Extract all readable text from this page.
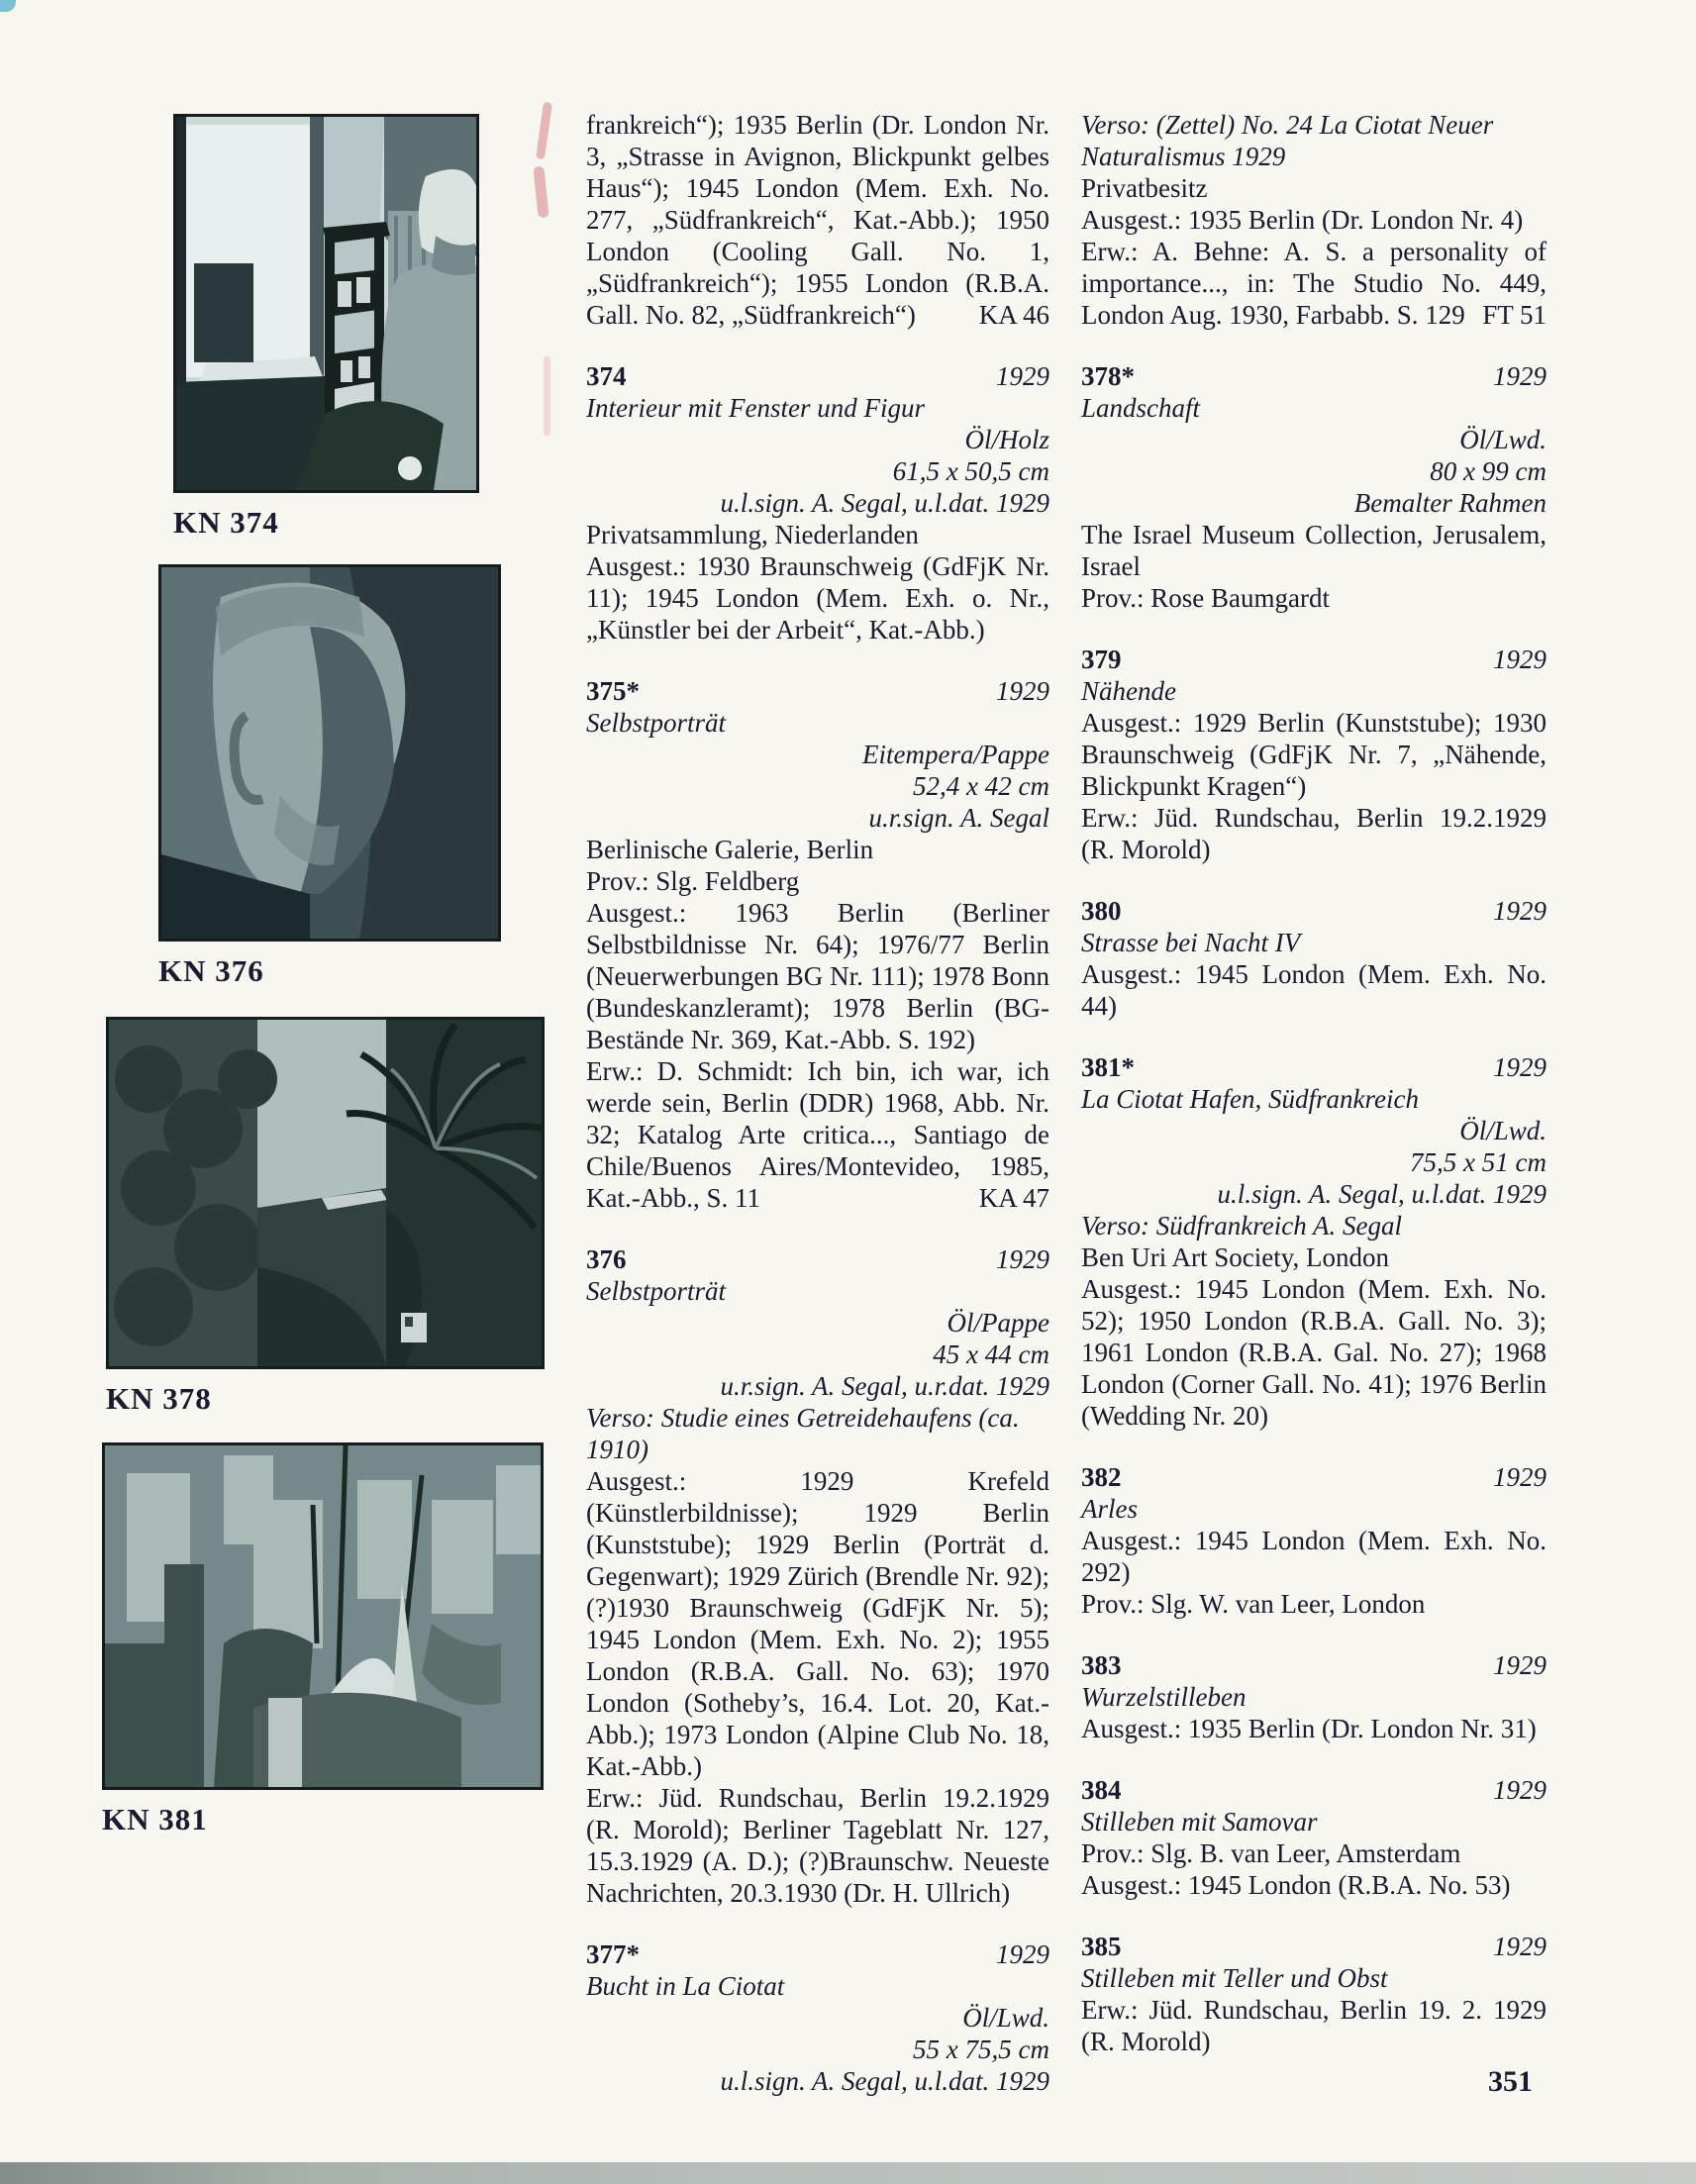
KN 374
KN 376
KN 378
KN 381

frankreich“); 1935 Berlin (Dr. London Nr. 3, „Strasse in Avignon, Blickpunkt gelbes Haus“); 1945 London (Mem. Exh. No. 277, „Südfrankreich“, Kat.-Abb.); 1950 London (Cooling Gall. No. 1, „Südfrankreich“); 1955 London (R.B.A. Gall. No. 82, „Südfrankreich“) KA 46

374	1929
Interieur mit Fenster und Figur
Öl/Holz
61,5 x 50,5 cm
u.l.sign. A. Segal, u.l.dat. 1929

Privatsammlung, Niederlanden

Ausgest.: 1930 Braunschweig (GdFjK Nr. 11); 1945 London (Mem. Exh. o. Nr., „Künstler bei der Arbeit“, Kat.-Abb.)

375*	1929
Selbstporträt
Eitempera/Pappe
52,4 x 42 cm
u.r.sign. A. Segal

Berlinische Galerie, Berlin

Prov.: Slg. Feldberg

Ausgest.: 1963 Berlin (Berliner Selbstbildnisse Nr. 64); 1976/77 Berlin (Neuerwerbungen BG Nr. 111); 1978 Bonn (Bundeskanzleramt); 1978 Berlin (BG-Bestände Nr. 369, Kat.-Abb. S. 192)

Erw.: D. Schmidt: Ich bin, ich war, ich werde sein, Berlin (DDR) 1968, Abb. Nr. 32; Katalog Arte critica..., Santiago de Chile/Buenos Aires/Montevideo, 1985, Kat.-Abb., S. 11	KA 47

376	1929
Selbstporträt
Öl/Pappe
45 x 44 cm
u.r.sign. A. Segal, u.r.dat. 1929
Verso: Studie eines Getreidehaufens (ca. 1910)

Ausgest.: 1929 Krefeld (Künstlerbildnisse); 1929 Berlin (Kunststube); 1929 Berlin (Porträt d. Gegenwart); 1929 Zürich (Brendle Nr. 92); (?)1930 Braunschweig (GdFjK Nr. 5); 1945 London (Mem. Exh. No. 2); 1955 London (R.B.A. Gall. No. 63); 1970 London (Sotheby’s, 16.4. Lot. 20, Kat.-Abb.); 1973 London (Alpine Club No. 18, Kat.-Abb.)

Erw.: Jüd. Rundschau, Berlin 19.2.1929 (R. Morold); Berliner Tageblatt Nr. 127, 15.3.1929 (A. D.); (?)Braunschw. Neueste Nachrichten, 20.3.1930 (Dr. H. Ullrich)

377*	1929
Bucht in La Ciotat
Öl/Lwd.
55 x 75,5 cm
u.l.sign. A. Segal, u.l.dat. 1929
Verso: (Zettel) No. 24 La Ciotat Neuer Naturalismus 1929

Privatbesitz

Ausgest.: 1935 Berlin (Dr. London Nr. 4)

Erw.: A. Behne: A. S. a personality of importance..., in: The Studio No. 449, London Aug. 1930, Farbabb. S. 129 FT 51

378*	1929
Landschaft
Öl/Lwd.
80 x 99 cm
Bemalter Rahmen

The Israel Museum Collection, Jerusalem, Israel

Prov.: Rose Baumgardt

379	1929
Nähende

Ausgest.: 1929 Berlin (Kunststube); 1930 Braunschweig (GdFjK Nr. 7, „Nähende, Blickpunkt Kragen“)

Erw.: Jüd. Rundschau, Berlin 19.2.1929 (R. Morold)

380	1929
Strasse bei Nacht IV

Ausgest.: 1945 London (Mem. Exh. No. 44)

381*	1929
La Ciotat Hafen, Südfrankreich
Öl/Lwd.
75,5 x 51 cm
u.l.sign. A. Segal, u.l.dat. 1929
Verso: Südfrankreich A. Segal

Ben Uri Art Society, London

Ausgest.: 1945 London (Mem. Exh. No. 52); 1950 London (R.B.A. Gall. No. 3); 1961 London (R.B.A. Gal. No. 27); 1968 London (Corner Gall. No. 41); 1976 Berlin (Wedding Nr. 20)

382	1929
Arles

Ausgest.: 1945 London (Mem. Exh. No. 292)

Prov.: Slg. W. van Leer, London

383	1929
Wurzelstilleben

Ausgest.: 1935 Berlin (Dr. London Nr. 31)

384	1929
Stilleben mit Samovar

Prov.: Slg. B. van Leer, Amsterdam

Ausgest.: 1945 London (R.B.A. No. 53)

385	1929
Stilleben mit Teller und Obst

Erw.: Jüd. Rundschau, Berlin 19. 2. 1929 (R. Morold)

351
